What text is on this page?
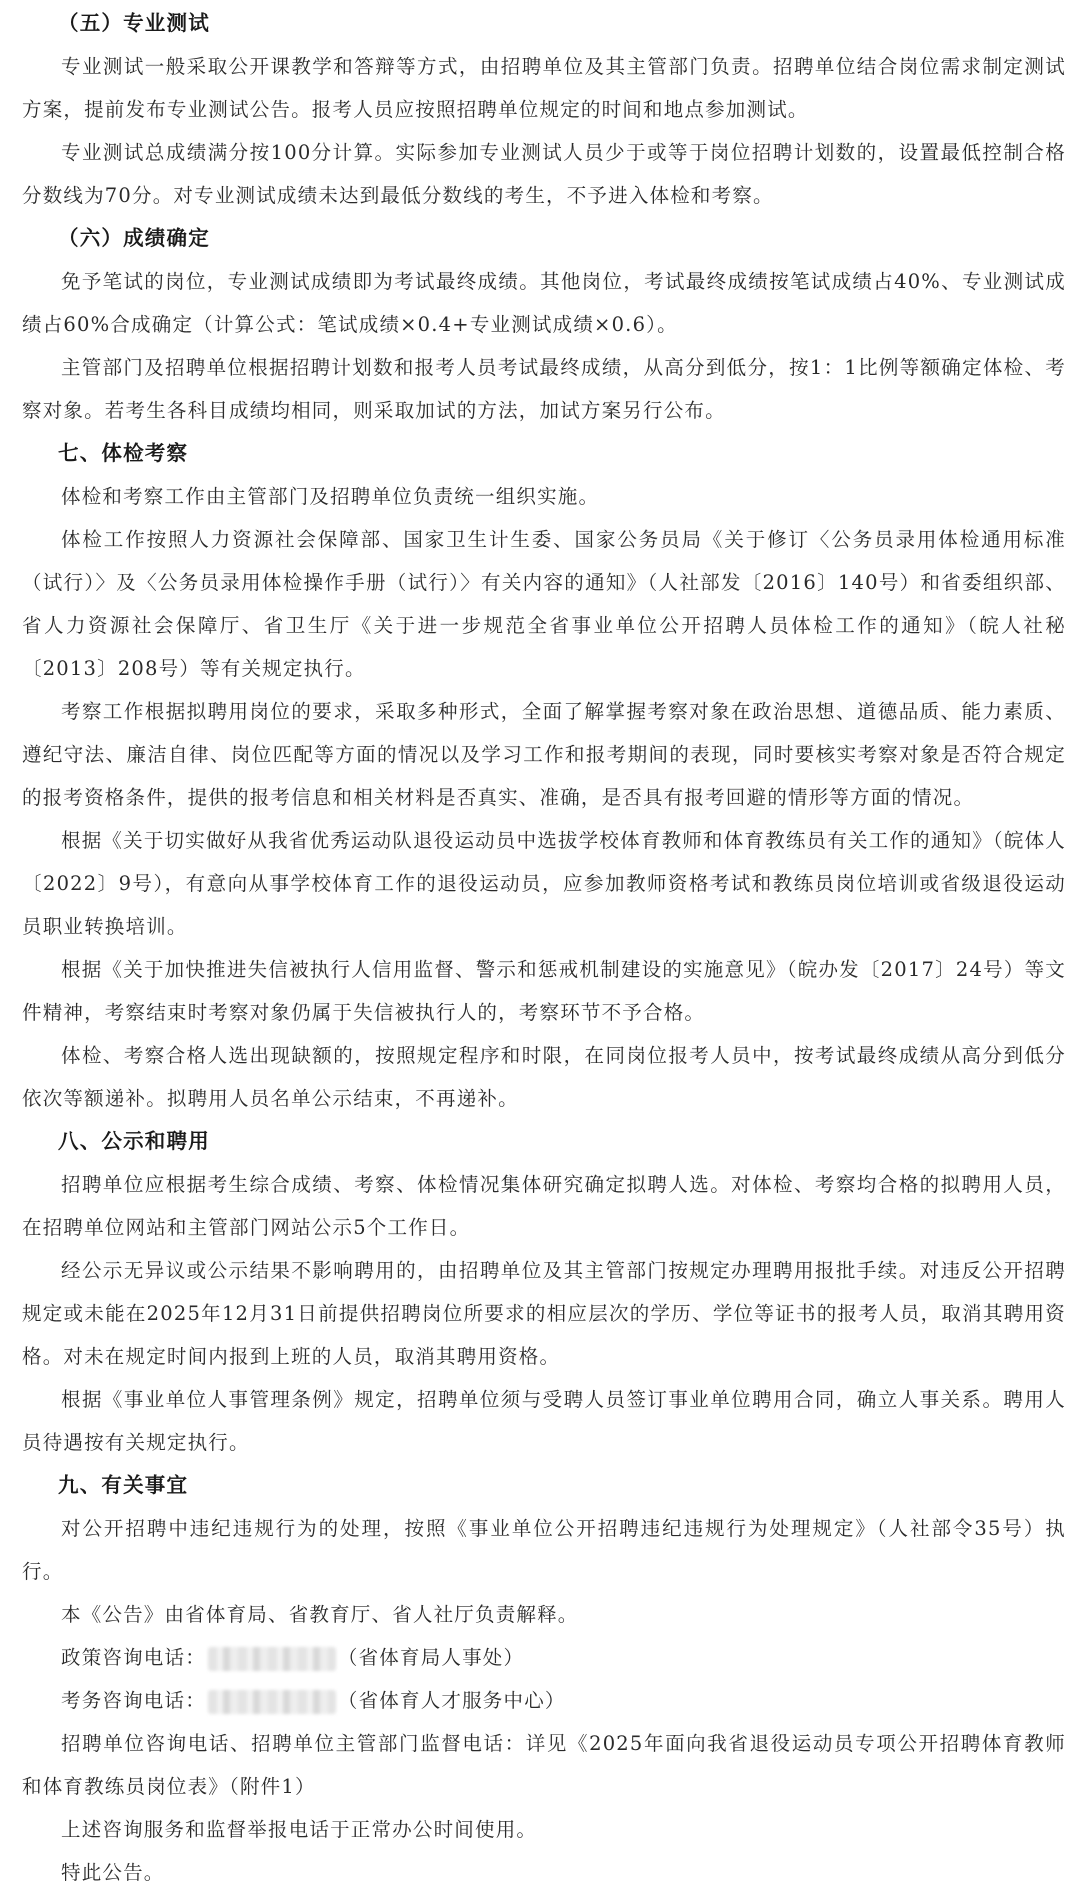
（五）专业测试

专业测试一般采取公开课教学和答辩等方式，由招聘单位及其主管部门负责。招聘单位结合岗位需求制定测试方案，提前发布专业测试公告。报考人员应按照招聘单位规定的时间和地点参加测试。

专业测试总成绩满分按100分计算。实际参加专业测试人员少于或等于岗位招聘计划数的，设置最低控制合格分数线为70分。对专业测试成绩未达到最低分数线的考生，不予进入体检和考察。

（六）成绩确定

免予笔试的岗位，专业测试成绩即为考试最终成绩。其他岗位，考试最终成绩按笔试成绩占40%、专业测试成绩占60%合成确定（计算公式：笔试成绩×0.4+专业测试成绩×0.6）。

主管部门及招聘单位根据招聘计划数和报考人员考试最终成绩，从高分到低分，按1：1比例等额确定体检、考察对象。若考生各科目成绩均相同，则采取加试的方法，加试方案另行公布。

七、体检考察

体检和考察工作由主管部门及招聘单位负责统一组织实施。

体检工作按照人力资源社会保障部、国家卫生计生委、国家公务员局《关于修订〈公务员录用体检通用标准（试行）〉及〈公务员录用体检操作手册（试行）〉有关内容的通知》（人社部发〔2016〕140号）和省委组织部、省人力资源社会保障厅、省卫生厅《关于进一步规范全省事业单位公开招聘人员体检工作的通知》（皖人社秘〔2013〕208号）等有关规定执行。

考察工作根据拟聘用岗位的要求，采取多种形式，全面了解掌握考察对象在政治思想、道德品质、能力素质、遵纪守法、廉洁自律、岗位匹配等方面的情况以及学习工作和报考期间的表现，同时要核实考察对象是否符合规定的报考资格条件，提供的报考信息和相关材料是否真实、准确，是否具有报考回避的情形等方面的情况。

根据《关于切实做好从我省优秀运动队退役运动员中选拔学校体育教师和体育教练员有关工作的通知》（皖体人〔2022〕9号），有意向从事学校体育工作的退役运动员，应参加教师资格考试和教练员岗位培训或省级退役运动员职业转换培训。

根据《关于加快推进失信被执行人信用监督、警示和惩戒机制建设的实施意见》（皖办发〔2017〕24号）等文件精神，考察结束时考察对象仍属于失信被执行人的，考察环节不予合格。

体检、考察合格人选出现缺额的，按照规定程序和时限，在同岗位报考人员中，按考试最终成绩从高分到低分依次等额递补。拟聘用人员名单公示结束，不再递补。

八、公示和聘用

招聘单位应根据考生综合成绩、考察、体检情况集体研究确定拟聘人选。对体检、考察均合格的拟聘用人员，在招聘单位网站和主管部门网站公示5个工作日。

经公示无异议或公示结果不影响聘用的，由招聘单位及其主管部门按规定办理聘用报批手续。对违反公开招聘规定或未能在2025年12月31日前提供招聘岗位所要求的相应层次的学历、学位等证书的报考人员，取消其聘用资格。对未在规定时间内报到上班的人员，取消其聘用资格。

根据《事业单位人事管理条例》规定，招聘单位须与受聘人员签订事业单位聘用合同，确立人事关系。聘用人员待遇按有关规定执行。

九、有关事宜

对公开招聘中违纪违规行为的处理，按照《事业单位公开招聘违纪违规行为处理规定》（人社部令35号）执行。

本《公告》由省体育局、省教育厅、省人社厅负责解释。

政策咨询电话：	（省体育局人事处）

考务咨询电话：	（省体育人才服务中心）

招聘单位咨询电话、招聘单位主管部门监督电话：详见《2025年面向我省退役运动员专项公开招聘体育教师和体育教练员岗位表》（附件1）

上述咨询服务和监督举报电话于正常办公时间使用。

特此公告。
